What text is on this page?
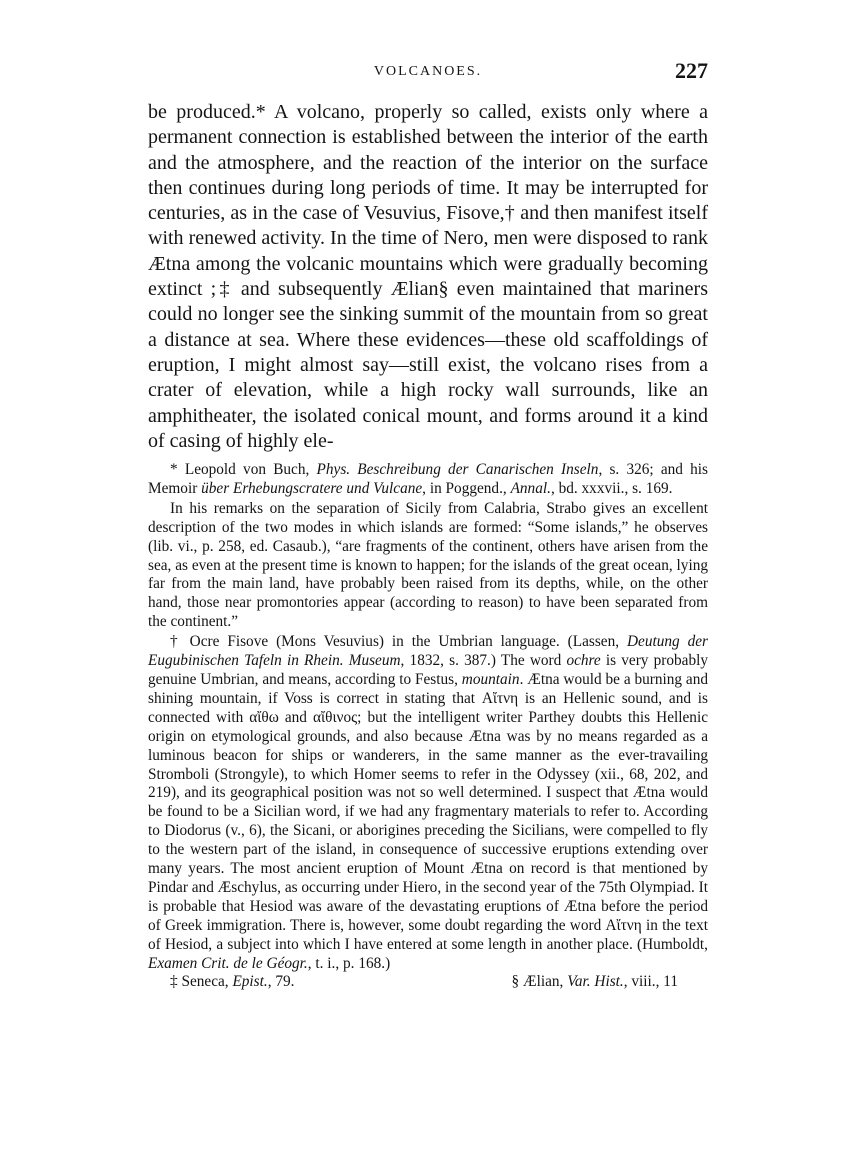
VOLCANOES.	227

be produced.* A volcano, properly so called, exists only where a permanent connection is established between the interior of the earth and the atmosphere, and the reaction of the interior on the surface then continues during long periods of time. It may be interrupted for centuries, as in the case of Vesuvius, Fisove,† and then manifest itself with renewed activity. In the time of Nero, men were disposed to rank Ætna among the volcanic mountains which were gradually becoming extinct ;‡ and subsequently Ælian§ even maintained that mariners could no longer see the sinking summit of the mountain from so great a distance at sea. Where these evidences—these old scaffoldings of eruption, I might almost say—still exist, the volcano rises from a crater of elevation, while a high rocky wall surrounds, like an amphitheater, the isolated conical mount, and forms around it a kind of casing of highly ele-

* Leopold von Buch, Phys. Beschreibung der Canarischen Inseln, s. 326; and his Memoir über Erhebungscratere und Vulcane, in Poggend., Annal., bd. xxxvii., s. 169.

In his remarks on the separation of Sicily from Calabria, Strabo gives an excellent description of the two modes in which islands are formed: “Some islands,” he observes (lib. vi., p. 258, ed. Casaub.), “are fragments of the continent, others have arisen from the sea, as even at the present time is known to happen; for the islands of the great ocean, lying far from the main land, have probably been raised from its depths, while, on the other hand, those near promontories appear (according to reason) to have been separated from the continent.”

† Ocre Fisove (Mons Vesuvius) in the Umbrian language. (Lassen, Deutung der Eugubinischen Tafeln in Rhein. Museum, 1832, s. 387.) The word ochre is very probably genuine Umbrian, and means, according to Festus, mountain. Ætna would be a burning and shining mountain, if Voss is correct in stating that Αἴτνη is an Hellenic sound, and is connected with αἴθω and αἴθινος; but the intelligent writer Parthey doubts this Hellenic origin on etymological grounds, and also because Ætna was by no means regarded as a luminous beacon for ships or wanderers, in the same manner as the ever-travailing Stromboli (Strongyle), to which Homer seems to refer in the Odyssey (xii., 68, 202, and 219), and its geographical position was not so well determined. I suspect that Ætna would be found to be a Sicilian word, if we had any fragmentary materials to refer to. According to Diodorus (v., 6), the Sicani, or aborigines preceding the Sicilians, were compelled to fly to the western part of the island, in consequence of successive eruptions extending over many years. The most ancient eruption of Mount Ætna on record is that mentioned by Pindar and Æschylus, as occurring under Hiero, in the second year of the 75th Olympiad. It is probable that Hesiod was aware of the devastating eruptions of Ætna before the period of Greek immigration. There is, however, some doubt regarding the word Αἴτνη in the text of Hesiod, a subject into which I have entered at some length in another place. (Humboldt, Examen Crit. de le Géogr., t. i., p. 168.)

‡ Seneca, Epist., 79.	§ Ælian, Var. Hist., viii., 11
